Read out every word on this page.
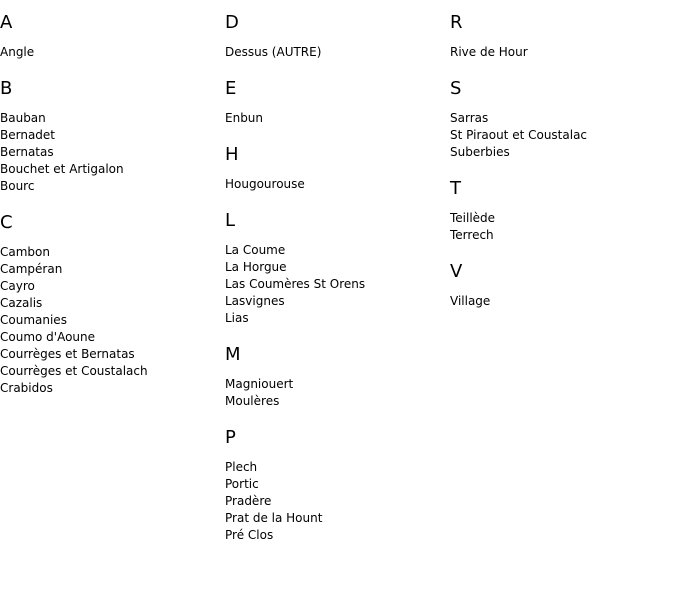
A
Angle
B
Bauban
Bernadet
Bernatas
Bouchet et Artigalon
Bourc
C
Cambon
Campéran
Cayro
Cazalis
Coumanies
Coumo d'Aoune
Courrèges et Bernatas
Courrèges et Coustalach
Crabidos
D
Dessus (AUTRE)
E
Enbun
H
Hougourouse
L
La Coume
La Horgue
Las Coumères St Orens
Lasvignes
Lias
M
Magniouert
Moulères
P
Plech
Portic
Pradère
Prat de la Hount
Pré Clos
R
Rive de Hour
S
Sarras
St Piraout et Coustalac
Suberbies
T
Teillède
Terrech
V
Village
